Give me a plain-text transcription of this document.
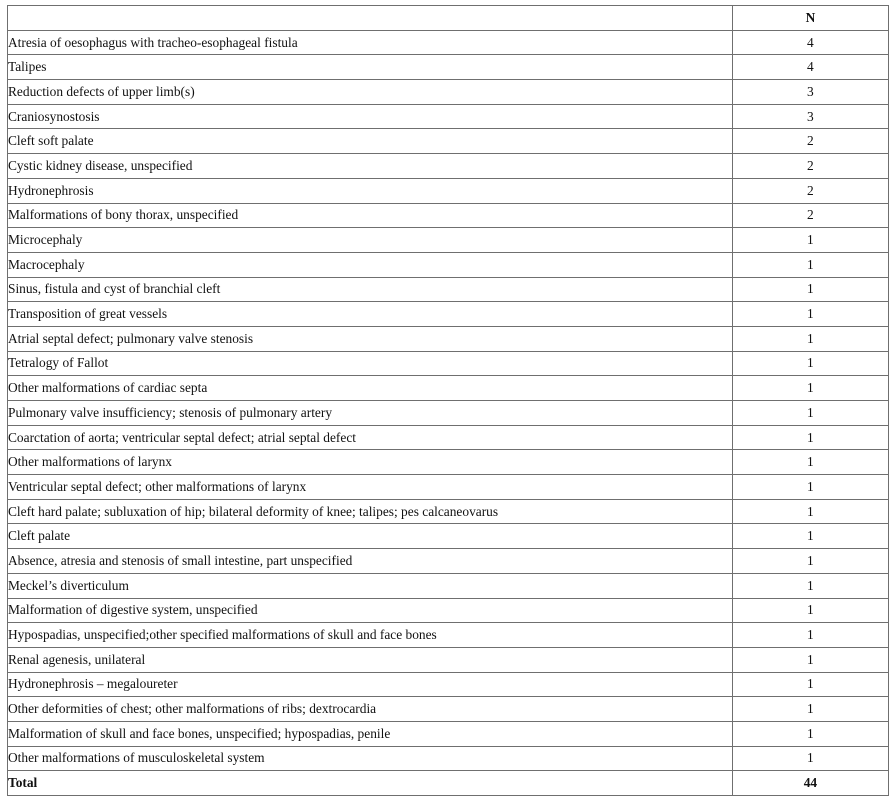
	N
Atresia of oesophagus with tracheo-esophageal fistula	4
Talipes	4
Reduction defects of upper limb(s)	3
Craniosynostosis	3
Cleft soft palate	2
Cystic kidney disease, unspecified	2
Hydronephrosis	2
Malformations of bony thorax, unspecified	2
Microcephaly	1
Macrocephaly	1
Sinus, fistula and cyst of branchial cleft	1
Transposition of great vessels	1
Atrial septal defect; pulmonary valve stenosis	1
Tetralogy of Fallot	1
Other malformations of cardiac septa	1
Pulmonary valve insufficiency; stenosis of pulmonary artery	1
Coarctation of aorta; ventricular septal defect; atrial septal defect	1
Other malformations of larynx	1
Ventricular septal defect; other malformations of larynx	1
Cleft hard palate; subluxation of hip; bilateral deformity of knee; talipes; pes calcaneovarus	1
Cleft palate	1
Absence, atresia and stenosis of small intestine, part unspecified	1
Meckel’s diverticulum	1
Malformation of digestive system, unspecified	1
Hypospadias, unspecified;other specified malformations of skull and face bones	1
Renal agenesis, unilateral	1
Hydronephrosis – megaloureter	1
Other deformities of chest; other malformations of ribs; dextrocardia	1
Malformation of skull and face bones, unspecified; hypospadias, penile	1
Other malformations of musculoskeletal system	1
Total	44
